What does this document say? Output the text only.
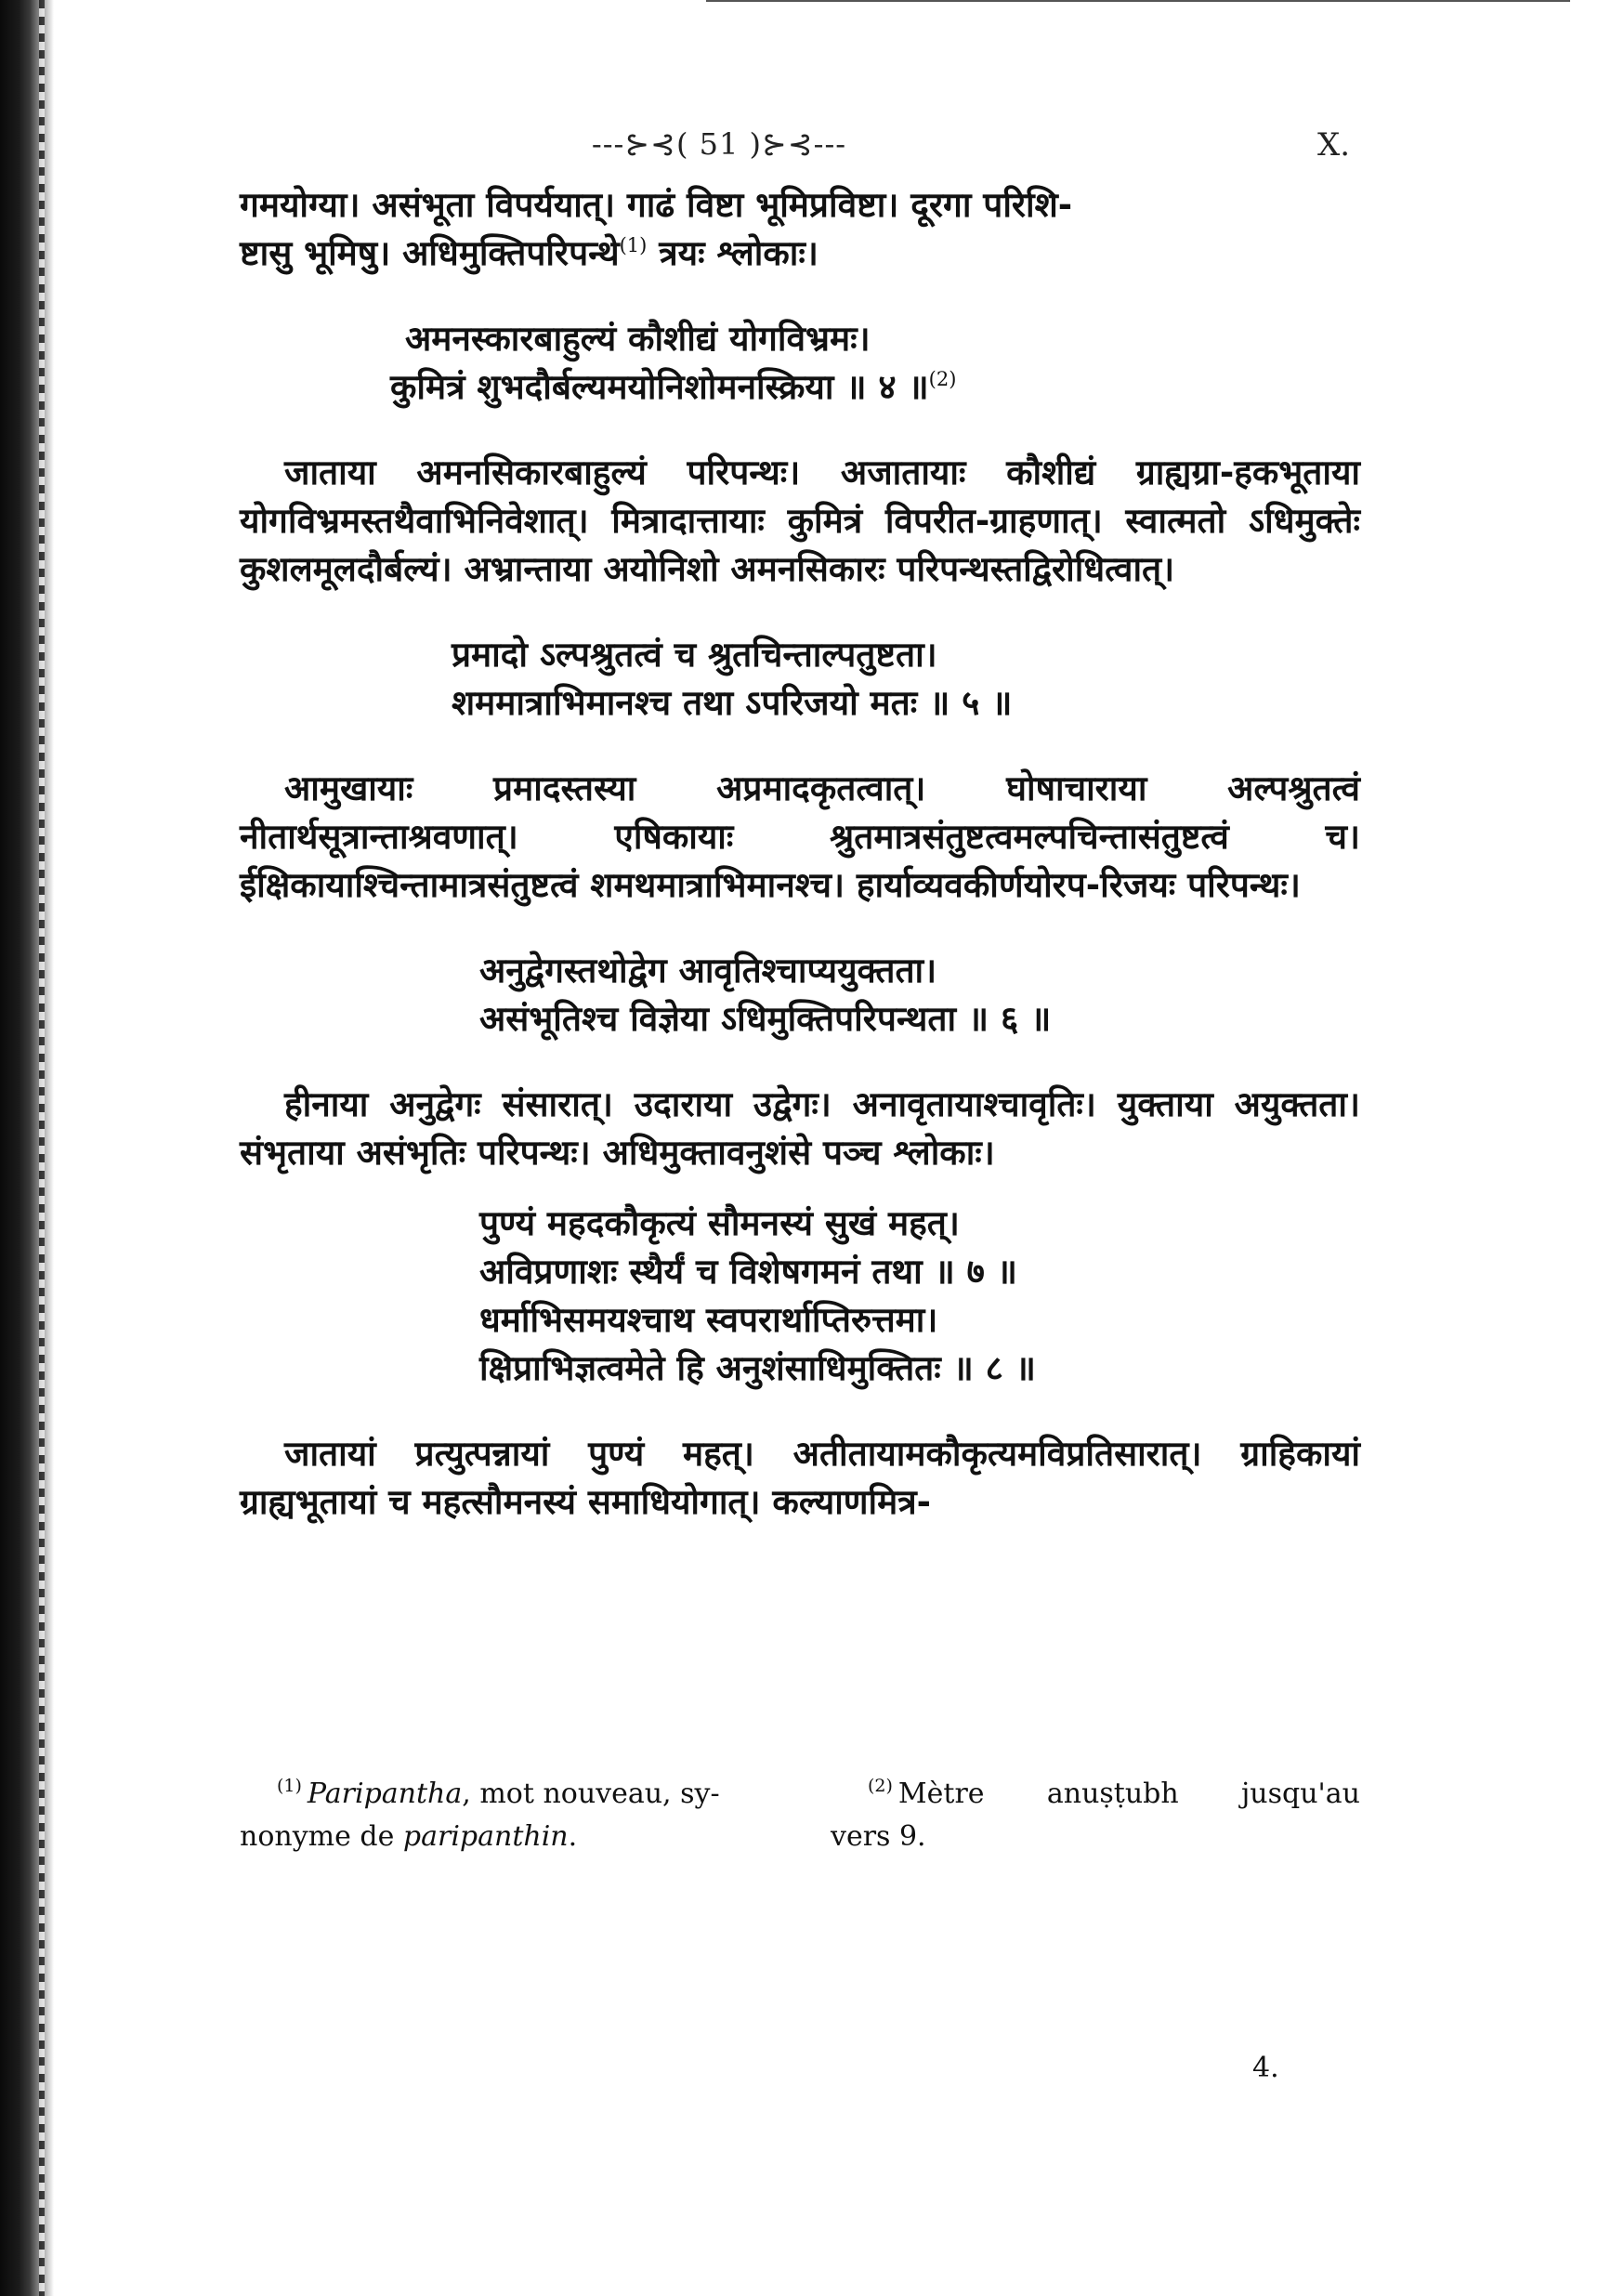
---⊱⊰( 51 )⊱⊰---	X.

गमयोग्या। असंभूता विपर्ययात्। गाढं विष्टा भूमिप्रविष्टा। दूरगा परिशि-
ष्टासु भूमिषु। अधिमुक्तिपरिपन्थे$^{(1)}$ त्रयः श्लोकाः।

अमनस्कारबाहुल्यं कौशीद्यं योगविभ्रमः।

कुमित्रं शुभदौर्बल्यमयोनिशोमनस्क्रिया ॥ ४ ॥$^{(2)}$

जाताया अमनसिकारबाहुल्यं परिपन्थः। अजातायाः कौशीद्यं ग्राह्यग्रा-हकभूताया योगविभ्रमस्तथैवाभिनिवेशात्। मित्रादात्तायाः कुमित्रं विपरीत-ग्राहणात्। स्वात्मतो ऽधिमुक्तेः कुशलमूलदौर्बल्यं। अभ्रान्ताया अयोनिशो अमनसिकारः परिपन्थस्तद्विरोधित्वात्।

प्रमादो ऽल्पश्रुतत्वं च श्रुतचिन्ताल्पतुष्टता।

शममात्राभिमानश्च तथा ऽपरिजयो मतः ॥ ५ ॥

आमुखायाः प्रमादस्तस्या अप्रमादकृतत्वात्। घोषाचाराया अल्पश्रुतत्वं नीतार्थसूत्रान्ताश्रवणात्। एषिकायाः श्रुतमात्रसंतुष्टत्वमल्पचिन्तासंतुष्टत्वं च। ईक्षिकायाश्चिन्तामात्रसंतुष्टत्वं शमथमात्राभिमानश्च। हार्याव्यवकीर्णयोरप-रिजयः परिपन्थः।

अनुद्वेगस्तथोद्वेग आवृतिश्चाप्ययुक्तता।

असंभूतिश्च विज्ञेया ऽधिमुक्तिपरिपन्थता ॥ ६ ॥

हीनाया अनुद्वेगः संसारात्। उदाराया उद्वेगः। अनावृतायाश्चावृतिः। युक्ताया अयुक्तता। संभृताया असंभृतिः परिपन्थः। अधिमुक्तावनुशंसे पञ्च श्लोकाः।

पुण्यं महदकौकृत्यं सौमनस्यं सुखं महत्।

अविप्रणाशः स्थैर्यं च विशेषगमनं तथा ॥ ७ ॥

धर्माभिसमयश्चाथ स्वपरार्थाप्तिरुत्तमा।

क्षिप्राभिज्ञत्वमेते हि अनुशंसाधिमुक्तितः ॥ ८ ॥

जातायां प्रत्युत्पन्नायां पुण्यं महत्। अतीतायामकौकृत्यमविप्रतिसारात्। ग्राहिकायां ग्राह्यभूतायां च महत्सौमनस्यं समाधियोगात्। कल्याणमित्र-

$^{(1)}$ Paripantha, mot nouveau, sy-
nonyme de paripanthin.
$^{(2)}$ Mètre anuṣṭubh jusqu'au
vers 9.
4.
